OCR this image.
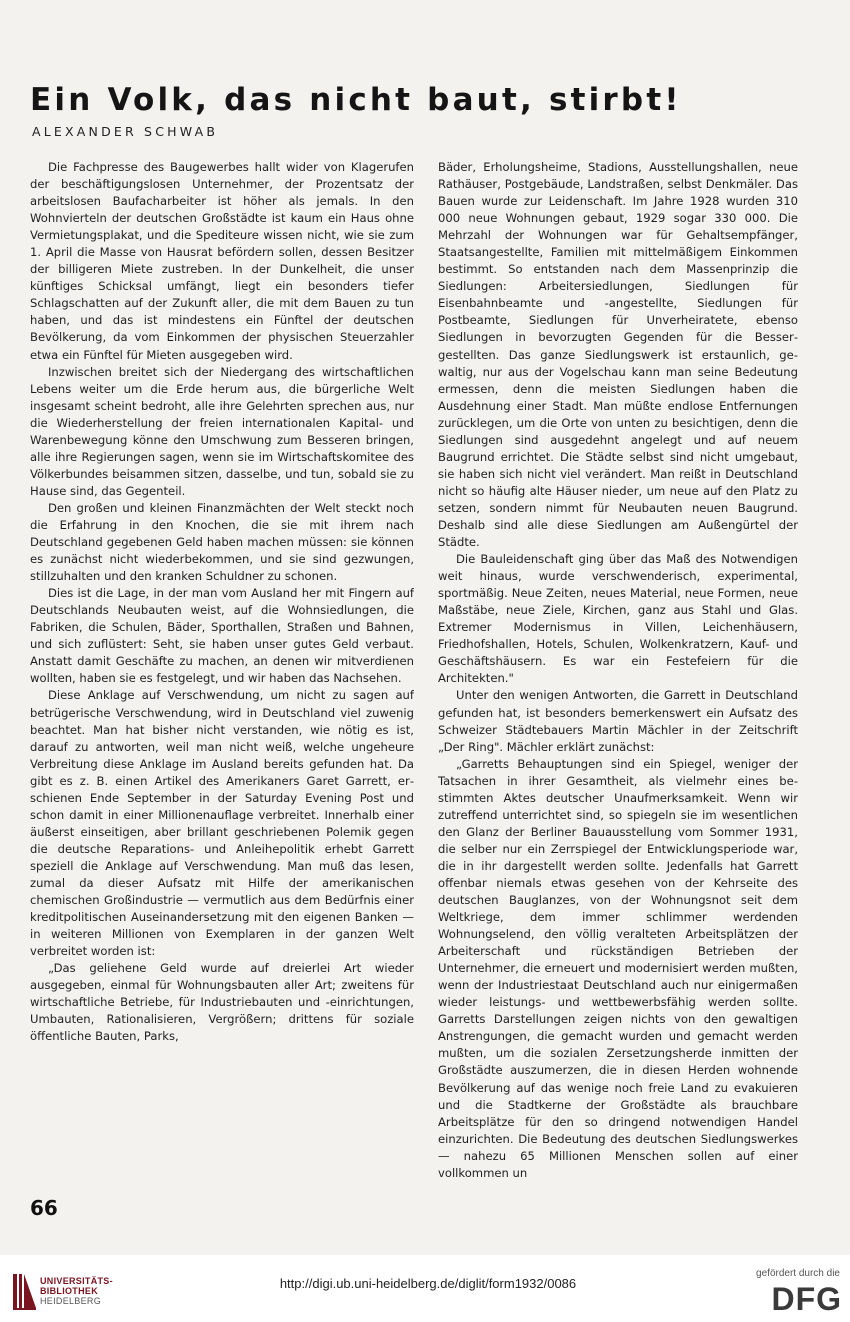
Ein Volk, das nicht baut, stirbt!
ALEXANDER SCHWAB

Die Fachpresse des Baugewerbes hallt wider von Klagerufen der beschäftigungslosen Unternehmer, der Prozentsatz der arbeitslosen Baufacharbeiter ist höher als jemals. In den Wohnvierteln der deutschen Großstädte ist kaum ein Haus ohne Vermietungsplakat, und die Spediteure wissen nicht, wie sie zum 1. April die Masse von Hausrat befördern sollen, dessen Besitzer der billigeren Miete zustreben. In der Dunkelheit, die unser künftiges Schicksal umfängt, liegt ein besonders tiefer Schlagschatten auf der Zukunft aller, die mit dem Bauen zu tun haben, und das ist mindestens ein Fünftel der deutschen Bevölkerung, da vom Einkommen der physischen Steuerzahler etwa ein Fünftel für Mieten ausgegeben wird.

Inzwischen breitet sich der Niedergang des wirtschaftlichen Lebens weiter um die Erde herum aus, die bürgerliche Welt insgesamt scheint bedroht, alle ihre Gelehrten sprechen aus, nur die Wiederherstellung der freien internationalen Kapital- und Warenbewegung könne den Umschwung zum Besseren bringen, alle ihre Regierungen sagen, wenn sie im Wirtschaftskomitee des Völkerbundes beisammen sitzen, dasselbe, und tun, sobald sie zu Hause sind, das Gegenteil.

Den großen und kleinen Finanzmächten der Welt steckt noch die Erfahrung in den Knochen, die sie mit ihrem nach Deutschland gegebenen Geld haben machen müssen: sie können es zunächst nicht wiederbekommen, und sie sind gezwungen, stillzuhalten und den kranken Schuldner zu schonen.

Dies ist die Lage, in der man vom Ausland her mit Fingern auf Deutschlands Neubauten weist, auf die Wohnsiedlungen, die Fabriken, die Schulen, Bäder, Sporthallen, Straßen und Bahnen, und sich zuflüstert: Seht, sie haben unser gutes Geld verbaut. Anstatt damit Geschäfte zu machen, an denen wir mitverdienen wollten, haben sie es festgelegt, und wir haben das Nachsehen.

Diese Anklage auf Verschwendung, um nicht zu sagen auf betrügerische Verschwendung, wird in Deutschland viel zuwenig beachtet. Man hat bisher nicht verstanden, wie nötig es ist, darauf zu antworten, weil man nicht weiß, welche ungeheure Verbreitung diese Anklage im Ausland bereits gefunden hat. Da gibt es z. B. einen Artikel des Amerikaners Garet Garrett, erschienen Ende September in der Saturday Evening Post und schon damit in einer Millionenauflage verbreitet. Innerhalb einer äußerst einseitigen, aber brillant geschriebenen Polemik gegen die deutsche Reparations- und Anleihepolitik erhebt Garrett speziell die Anklage auf Verschwendung. Man muß das lesen, zumal da dieser Aufsatz mit Hilfe der amerikanischen chemischen Großindustrie — vermutlich aus dem Bedürfnis einer kreditpolitischen Auseinandersetzung mit den eigenen Banken — in weiteren Millionen von Exemplaren in der ganzen Welt verbreitet worden ist:

„Das geliehene Geld wurde auf dreierlei Art wieder ausgegeben, einmal für Wohnungsbauten aller Art; zweitens für wirtschaftliche Betriebe, für Industriebauten und -einrichtungen, Umbauten, Rationalisieren, Vergrößern; drittens für soziale öffentliche Bauten, Parks,

Bäder, Erholungsheime, Stadions, Ausstellungshallen, neue Rathäuser, Postgebäude, Landstraßen, selbst Denkmäler. Das Bauen wurde zur Leidenschaft. Im Jahre 1928 wurden 310 000 neue Wohnungen gebaut, 1929 sogar 330 000. Die Mehrzahl der Wohnungen war für Gehaltsempfänger, Staatsangestellte, Familien mit mittelmäßigem Einkommen bestimmt. So entstanden nach dem Massenprinzip die Siedlungen: Arbeitersiedlungen, Siedlungen für Eisenbahnbeamte und -angestellte, Siedlungen für Postbeamte, Siedlungen für Unverheiratete, ebenso Siedlungen in bevorzugten Gegenden für die Bessergestellten. Das ganze Siedlungswerk ist erstaunlich, gewaltig, nur aus der Vogelschau kann man seine Bedeutung ermessen, denn die meisten Siedlungen haben die Ausdehnung einer Stadt. Man müßte endlose Entfernungen zurücklegen, um die Orte von unten zu besichtigen, denn die Siedlungen sind ausgedehnt angelegt und auf neuem Baugrund errichtet. Die Städte selbst sind nicht umgebaut, sie haben sich nicht viel verändert. Man reißt in Deutschland nicht so häufig alte Häuser nieder, um neue auf den Platz zu setzen, sondern nimmt für Neubauten neuen Baugrund. Deshalb sind alle diese Siedlungen am Außengürtel der Städte.

Die Bauleidenschaft ging über das Maß des Notwendigen weit hinaus, wurde verschwenderisch, experimental, sportmäßig. Neue Zeiten, neues Material, neue Formen, neue Maßstäbe, neue Ziele, Kirchen, ganz aus Stahl und Glas. Extremer Modernismus in Villen, Leichenhäusern, Friedhofshallen, Hotels, Schulen, Wolkenkratzern, Kauf- und Geschäftshäusern. Es war ein Festefeiern für die Architekten."

Unter den wenigen Antworten, die Garrett in Deutschland gefunden hat, ist besonders bemerkenswert ein Aufsatz des Schweizer Städtebauers Martin Mächler in der Zeitschrift „Der Ring". Mächler erklärt zunächst:

„Garretts Behauptungen sind ein Spiegel, weniger der Tatsachen in ihrer Gesamtheit, als vielmehr eines bestimmten Aktes deutscher Unaufmerksamkeit. Wenn wir zutreffend unterrichtet sind, so spiegeln sie im wesentlichen den Glanz der Berliner Bauausstellung vom Sommer 1931, die selber nur ein Zerrspiegel der Entwicklungsperiode war, die in ihr dargestellt werden sollte. Jedenfalls hat Garrett offenbar niemals etwas gesehen von der Kehrseite des deutschen Bauglanzes, von der Wohnungsnot seit dem Weltkriege, dem immer schlimmer werdenden Wohnungselend, den völlig veralteten Arbeitsplätzen der Arbeiterschaft und rückständigen Betrieben der Unternehmer, die erneuert und modernisiert werden mußten, wenn der Industriestaat Deutschland auch nur einigermaßen wieder leistungs- und wettbewerbsfähig werden sollte. Garretts Darstellungen zeigen nichts von den gewaltigen Anstrengungen, die gemacht wurden und gemacht werden mußten, um die sozialen Zersetzungsherde inmitten der Großstädte auszumerzen, die in diesen Herden wohnende Bevölkerung auf das wenige noch freie Land zu evakuieren und die Stadtkerne der Großstädte als brauchbare Arbeitsplätze für den so dringend notwendigen Handel einzurichten. Die Bedeutung des deutschen Siedlungswerkes — nahezu 65 Millionen Menschen sollen auf einer vollkommen un

66
UNIVERSITÄTS-
BIBLIOTHEK
HEIDELBERG
http://digi.ub.uni-heidelberg.de/diglit/form1932/0086
gefördert durch die
DFG
